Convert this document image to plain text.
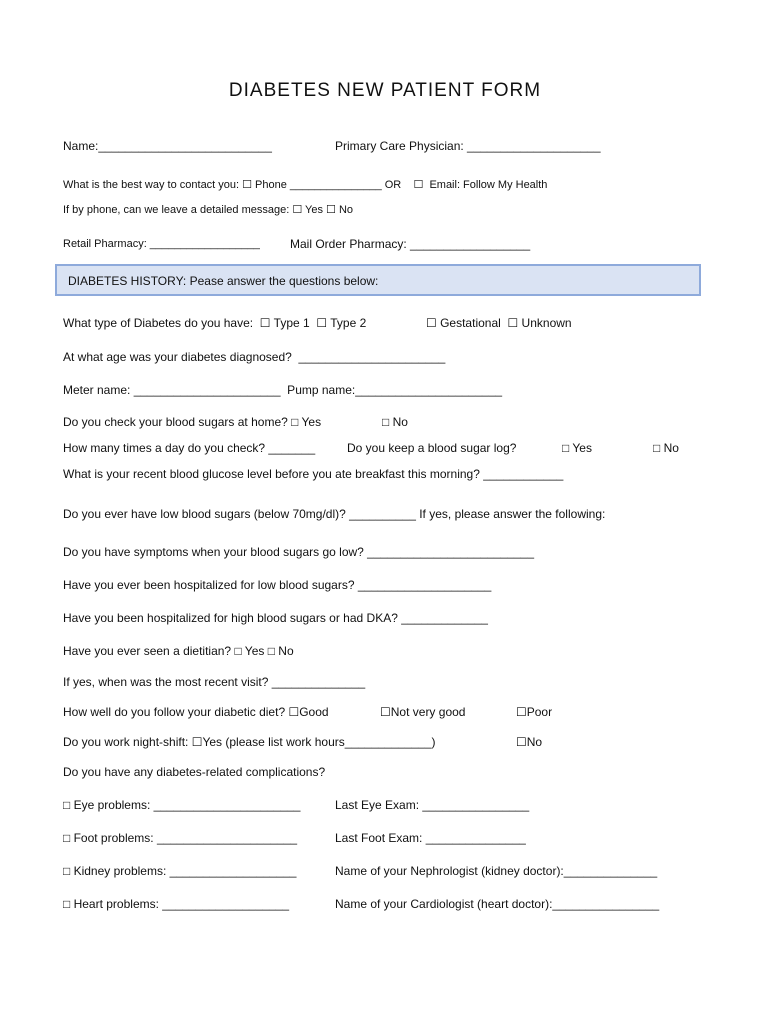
DIABETES NEW PATIENT FORM
Name:__________________________	Primary Care Physician: ____________________
What is the best way to contact you: ☐ Phone _______________ OR    ☐  Email: Follow My Health
If by phone, can we leave a detailed message: ☐ Yes ☐ No
Retail Pharmacy: __________________	Mail Order Pharmacy: __________________
DIABETES HISTORY: Pease answer the questions below:
What type of Diabetes do you have:  ☐ Type 1  ☐ Type 2	☐ Gestational  ☐ Unknown
At what age was your diabetes diagnosed?  ______________________
Meter name: ______________________  Pump name:______________________
Do you check your blood sugars at home? □ Yes	□ No
How many times a day do you check? _______	Do you keep a blood sugar log?	□ Yes	□ No
What is your recent blood glucose level before you ate breakfast this morning? ____________
Do you ever have low blood sugars (below 70mg/dl)? __________ If yes, please answer the following:
Do you have symptoms when your blood sugars go low? _________________________
Have you ever been hospitalized for low blood sugars? ____________________
Have you been hospitalized for high blood sugars or had DKA? _____________
Have you ever seen a dietitian? □ Yes □ No
If yes, when was the most recent visit? ______________
How well do you follow your diabetic diet? ☐Good	☐Not very good	☐Poor
Do you work night-shift: ☐Yes (please list work hours_____________)	☐No
Do you have any diabetes-related complications?
□ Eye problems: ______________________	Last Eye Exam: ________________
□ Foot problems: _____________________	Last Foot Exam: _______________
□ Kidney problems: ___________________	Name of your Nephrologist (kidney doctor):______________
□ Heart problems: ___________________	Name of your Cardiologist (heart doctor):________________
